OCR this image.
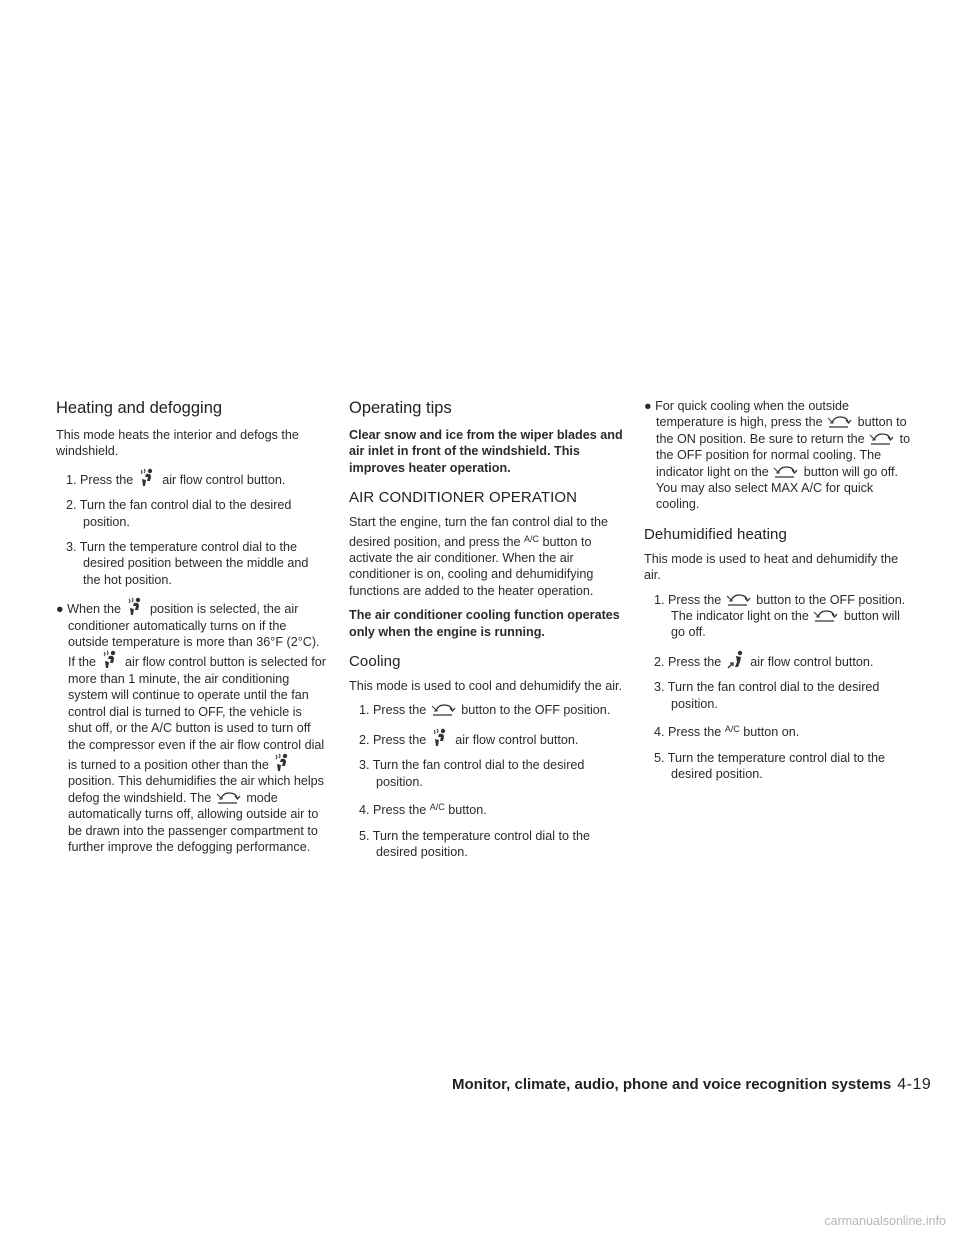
Heating and defogging

This mode heats the interior and defogs the windshield.

1. Press the air flow control button.

2. Turn the fan control dial to the desired position.

3. Turn the temperature control dial to the desired position between the middle and the hot position.

● When the position is selected, the air conditioner automatically turns on if the outside temperature is more than 36°F (2°C). If the air flow control button is selected for more than 1 minute, the air conditioning system will continue to operate until the fan control dial is turned to OFF, the vehicle is shut off, or the A/C button is used to turn off the compressor even if the air flow control dial is turned to a position other than the
position. This dehumidifies the air which helps defog the windshield. The	mode automatically turns off, allowing outside air to be drawn into the passenger compartment to further improve the defogging performance.

Operating tips

Clear snow and ice from the wiper blades and air inlet in front of the windshield. This improves heater operation.

AIR CONDITIONER OPERATION

Start the engine, turn the fan control dial to the desired position, and press the A/C button to activate the air conditioner. When the air conditioner is on, cooling and dehumidifying functions are added to the heater operation.

The air conditioner cooling function operates only when the engine is running.

Cooling

This mode is used to cool and dehumidify the air.

1. Press the	button to the OFF position.

2. Press the air flow control button.

3. Turn the fan control dial to the desired position.

4. Press the A/C button.

5. Turn the temperature control dial to the desired position.

● For quick cooling when the outside temperature is high, press the	button to the ON position. Be sure to return the	to the OFF position for normal cooling. The indicator light on the	button will go off. You may also select MAX A/C for quick cooling.

Dehumidified heating

This mode is used to heat and dehumidify the air.

1. Press the	button to the OFF position. The indicator light on the	button will go off.

2. Press the air flow control button.

3. Turn the fan control dial to the desired position.

4. Press the A/C button on.

5. Turn the temperature control dial to the desired position.

Monitor, climate, audio, phone and voice recognition systems 4-19
carmanualsonline.info
